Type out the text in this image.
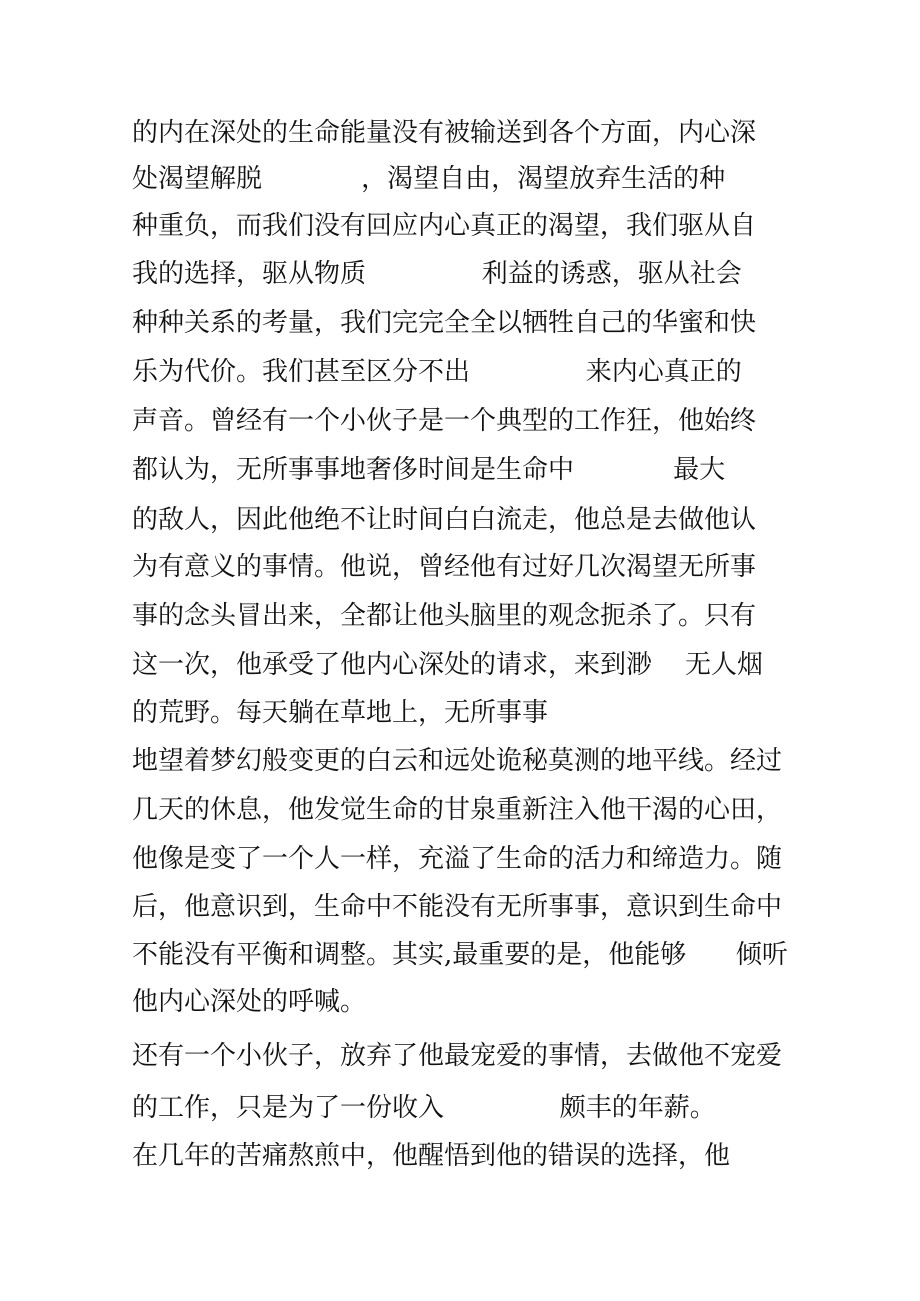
的内在深处的生命能量没有被输送到各个方面，内心深
处渴望解脱            ，渴望自由，渴望放弃生活的种
种重负，而我们没有回应内心真正的渴望，我们驱从自
我的选择，驱从物质              利益的诱惑，驱从社会
种种关系的考量，我们完完全全以牺牲自己的华蜜和快
乐为代价。我们甚至区分不出              来内心真正的
声音。曾经有一个小伙子是一个典型的工作狂，他始终
都认为，无所事事地奢侈时间是生命中            最大
的敌人，因此他绝不让时间白白流走，他总是去做他认
为有意义的事情。他说，曾经他有过好几次渴望无所事
事的念头冒出来，全都让他头脑里的观念扼杀了。只有
这一次，他承受了他内心深处的请求，来到渺    无人烟
的荒野。每天躺在草地上，无所事事
地望着梦幻般变更的白云和远处诡秘莫测的地平线。经过
几天的休息，他发觉生命的甘泉重新注入他干渴的心田，
他像是变了一个人一样，充溢了生命的活力和缔造力。随
后，他意识到，生命中不能没有无所事事，意识到生命中
不能没有平衡和调整。其实,最重要的是，他能够      倾听
他内心深处的呼喊。
还有一个小伙子，放弃了他最宠爱的事情，去做他不宠爱
的工作，只是为了一份收入              颇丰的年薪。
在几年的苦痛熬煎中，他醒悟到他的错误的选择，他
